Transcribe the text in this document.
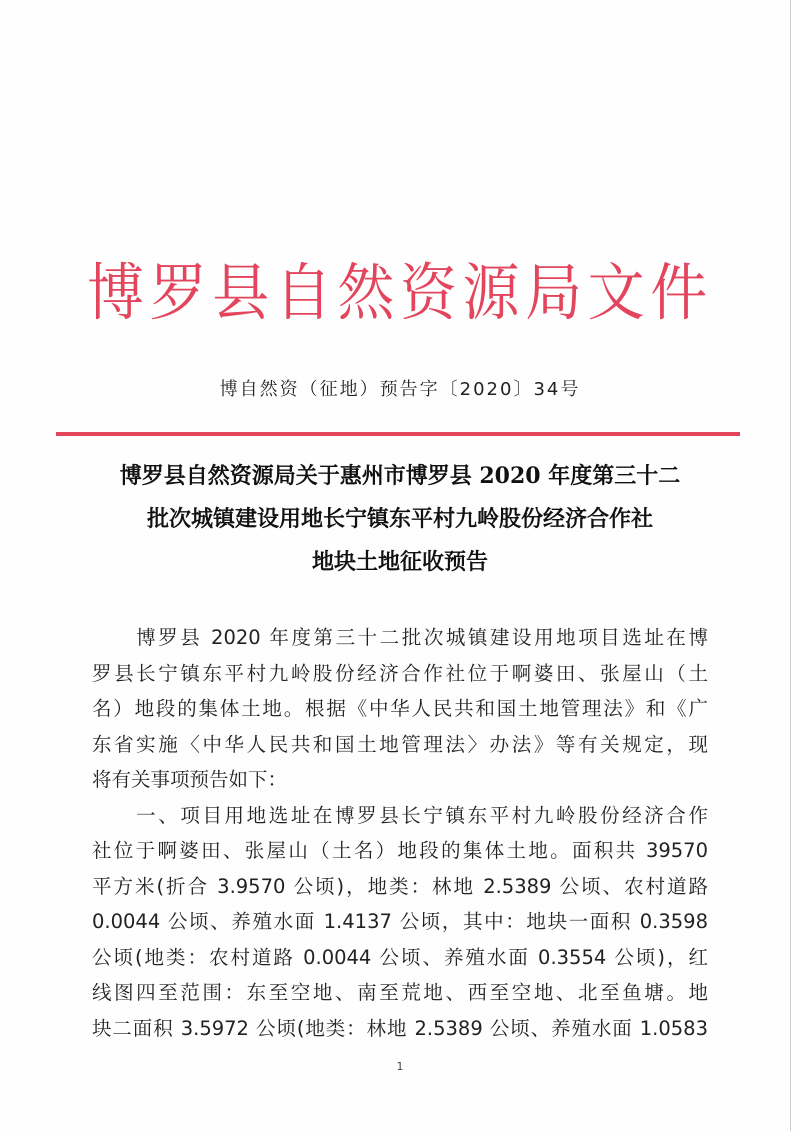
博罗县自然资源局文件
博自然资（征地）预告字〔2020〕34号
博罗县自然资源局关于惠州市博罗县 2020 年度第三十二
批次城镇建设用地长宁镇东平村九岭股份经济合作社
地块土地征收预告
　　博罗县 2020 年度第三十二批次城镇建设用地项目选址在博
罗县长宁镇东平村九岭股份经济合作社位于啊婆田、张屋山（土
名）地段的集体土地。根据《中华人民共和国土地管理法》和《广
东省实施〈中华人民共和国土地管理法〉办法》等有关规定，现
将有关事项预告如下：
　　一、项目用地选址在博罗县长宁镇东平村九岭股份经济合作
社位于啊婆田、张屋山（土名）地段的集体土地。面积共 39570
平方米(折合 3.9570 公顷)，地类：林地 2.5389 公顷、农村道路
0.0044 公顷、养殖水面 1.4137 公顷，其中：地块一面积 0.3598
公顷(地类：农村道路 0.0044 公顷、养殖水面 0.3554 公顷)，红
线图四至范围：东至空地、南至荒地、西至空地、北至鱼塘。地
块二面积 3.5972 公顷(地类：林地 2.5389 公顷、养殖水面 1.0583
1
